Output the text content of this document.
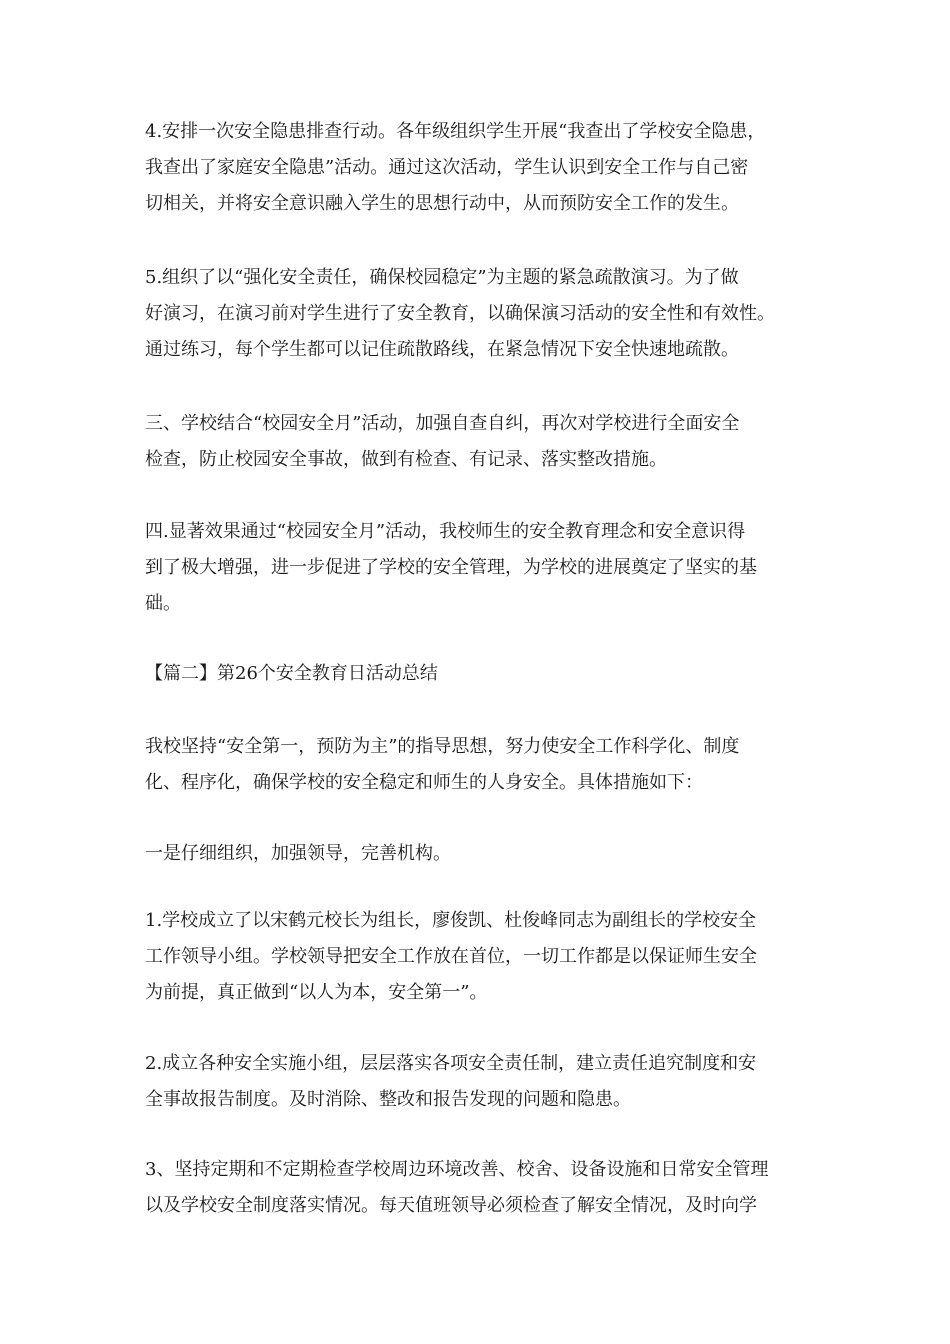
4.安排一次安全隐患排查行动。各年级组织学生开展“我查出了学校安全隐患，
我查出了家庭安全隐患”活动。通过这次活动，学生认识到安全工作与自己密
切相关，并将安全意识融入学生的思想行动中，从而预防安全工作的发生。

5.组织了以“强化安全责任，确保校园稳定”为主题的紧急疏散演习。为了做
好演习，在演习前对学生进行了安全教育，以确保演习活动的安全性和有效性。
通过练习，每个学生都可以记住疏散路线，在紧急情况下安全快速地疏散。

三、学校结合“校园安全月”活动，加强自查自纠，再次对学校进行全面安全
检查，防止校园安全事故，做到有检查、有记录、落实整改措施。

四.显著效果通过“校园安全月”活动，我校师生的安全教育理念和安全意识得
到了极大增强，进一步促进了学校的安全管理，为学校的进展奠定了坚实的基
础。

【篇二】第26个安全教育日活动总结

我校坚持“安全第一，预防为主”的指导思想，努力使安全工作科学化、制度
化、程序化，确保学校的安全稳定和师生的人身安全。具体措施如下：

一是仔细组织，加强领导，完善机构。

1.学校成立了以宋鹤元校长为组长，廖俊凯、杜俊峰同志为副组长的学校安全
工作领导小组。学校领导把安全工作放在首位，一切工作都是以保证师生安全
为前提，真正做到“以人为本，安全第一”。

2.成立各种安全实施小组，层层落实各项安全责任制，建立责任追究制度和安
全事故报告制度。及时消除、整改和报告发现的问题和隐患。

3、坚持定期和不定期检查学校周边环境改善、校舍、设备设施和日常安全管理
以及学校安全制度落实情况。每天值班领导必须检查了解安全情况，及时向学
